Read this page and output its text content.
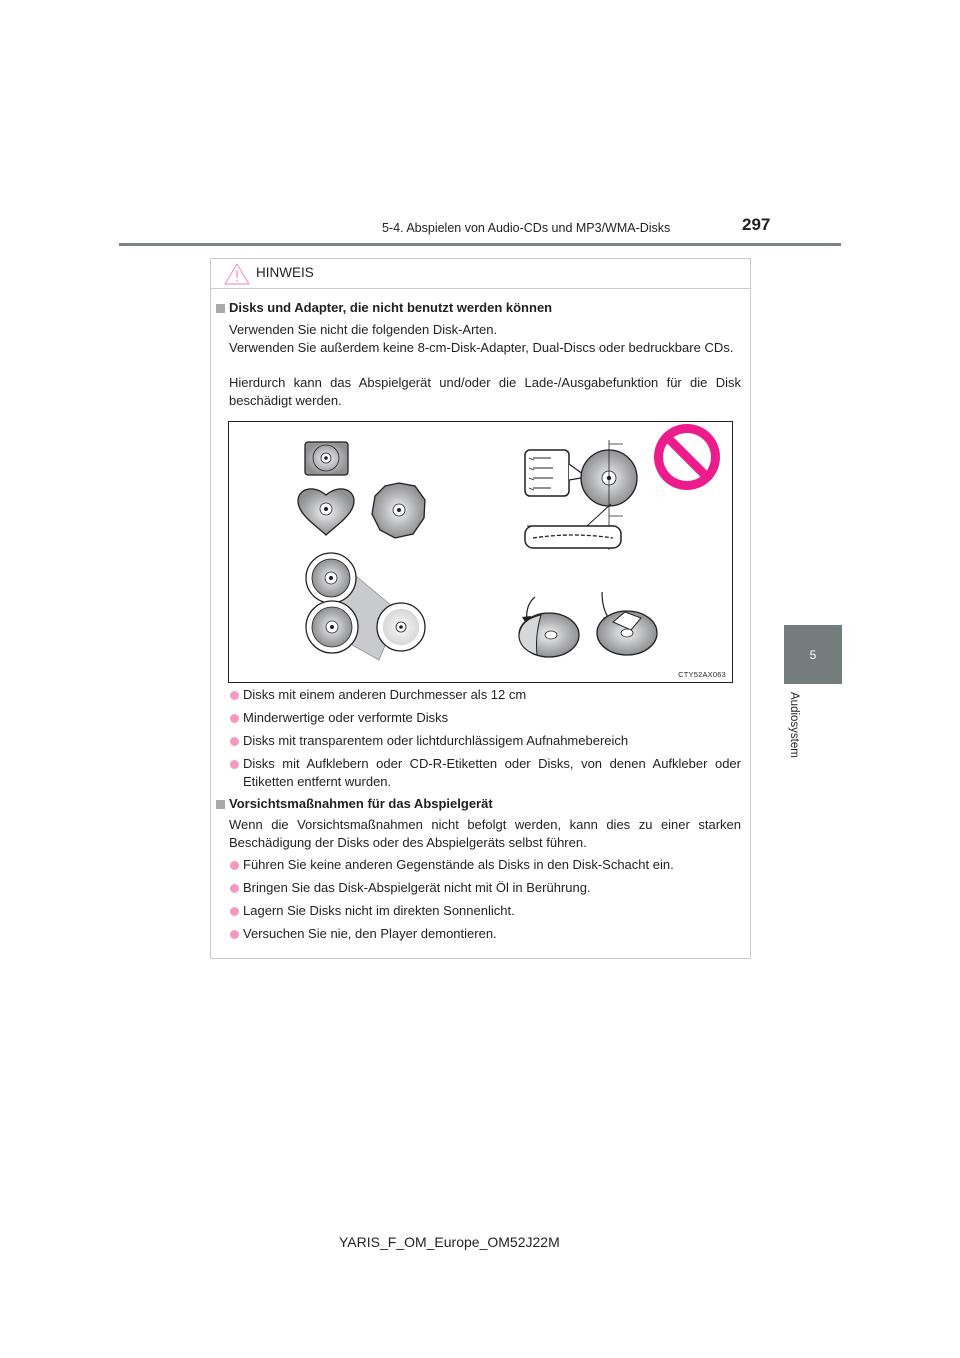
5-4. Abspielen von Audio-CDs und MP3/WMA-Disks	297
5
Audiosystem
HINWEIS
Disks und Adapter, die nicht benutzt werden können
Verwenden Sie nicht die folgenden Disk-Arten.
Verwenden Sie außerdem keine 8-cm-Disk-Adapter, Dual-Discs oder bedruckbare CDs.
Hierdurch kann das Abspielgerät und/oder die Lade-/Ausgabefunktion für die Disk beschädigt werden.
CTY52AX063
Disks mit einem anderen Durchmesser als 12 cm
Minderwertige oder verformte Disks
Disks mit transparentem oder lichtdurchlässigem Aufnahmebereich
Disks mit Aufklebern oder CD-R-Etiketten oder Disks, von denen Aufkleber oder Etiketten entfernt wurden.
Vorsichtsmaßnahmen für das Abspielgerät
Wenn die Vorsichtsmaßnahmen nicht befolgt werden, kann dies zu einer starken Beschädigung der Disks oder des Abspielgeräts selbst führen.
Führen Sie keine anderen Gegenstände als Disks in den Disk-Schacht ein.
Bringen Sie das Disk-Abspielgerät nicht mit Öl in Berührung.
Lagern Sie Disks nicht im direkten Sonnenlicht.
Versuchen Sie nie, den Player demontieren.
YARIS_F_OM_Europe_OM52J22M
